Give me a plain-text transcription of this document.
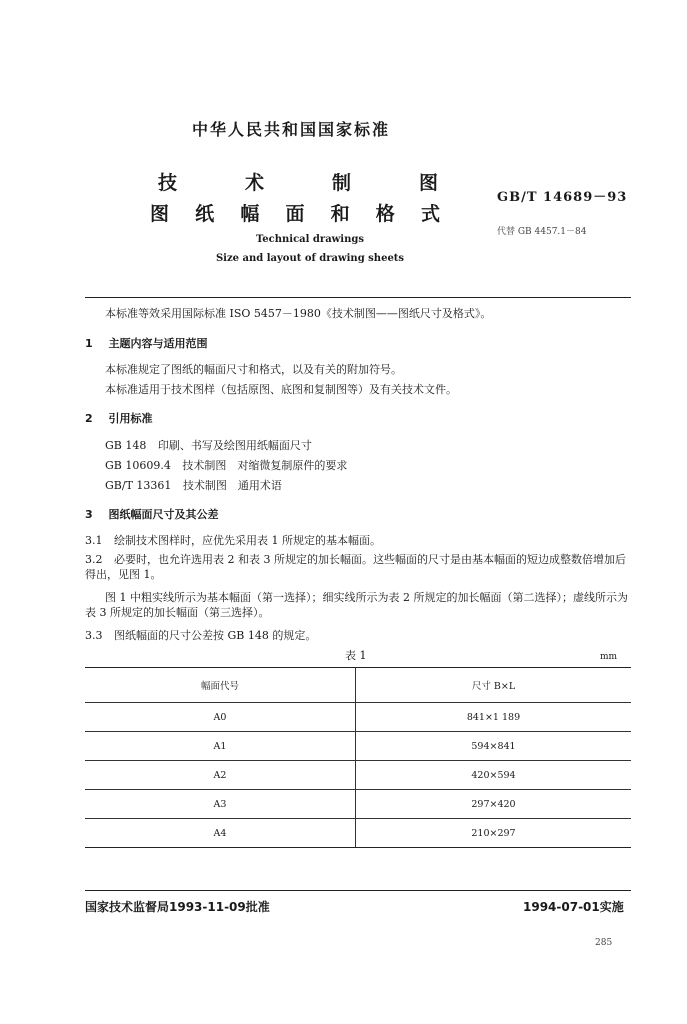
中华人民共和国国家标准
技	术	制	图
图 纸 幅 面 和 格 式
Technical drawings
Size and layout of drawing sheets
GB/T 14689－93
代替 GB 4457.1－84
本标准等效采用国际标准 ISO 5457－1980《技术制图——图纸尺寸及格式》。
1 主题内容与适用范围
本标准规定了图纸的幅面尺寸和格式，以及有关的附加符号。
本标准适用于技术图样（包括原图、底图和复制图等）及有关技术文件。
2 引用标准
GB 148 印刷、书写及绘图用纸幅面尺寸
GB 10609.4 技术制图　对缩微复制原件的要求
GB/T 13361 技术制图　通用术语
3 图纸幅面尺寸及其公差
3.1 绘制技术图样时，应优先采用表 1 所规定的基本幅面。
3.2 必要时，也允许选用表 2 和表 3 所规定的加长幅面。这些幅面的尺寸是由基本幅面的短边成整数倍增加后得出，见图 1。
图 1 中粗实线所示为基本幅面（第一选择）；细实线所示为表 2 所规定的加长幅面（第二选择）；虚线所示为表 3 所规定的加长幅面（第三选择）。
3.3 图纸幅面的尺寸公差按 GB 148 的规定。
表 1	mm
幅面代号	尺寸 B×L
A0	841×1 189
A1	594×841
A2	420×594
A3	297×420
A4	210×297
国家技术监督局1993-11-09批准	1994-07-01实施
285
